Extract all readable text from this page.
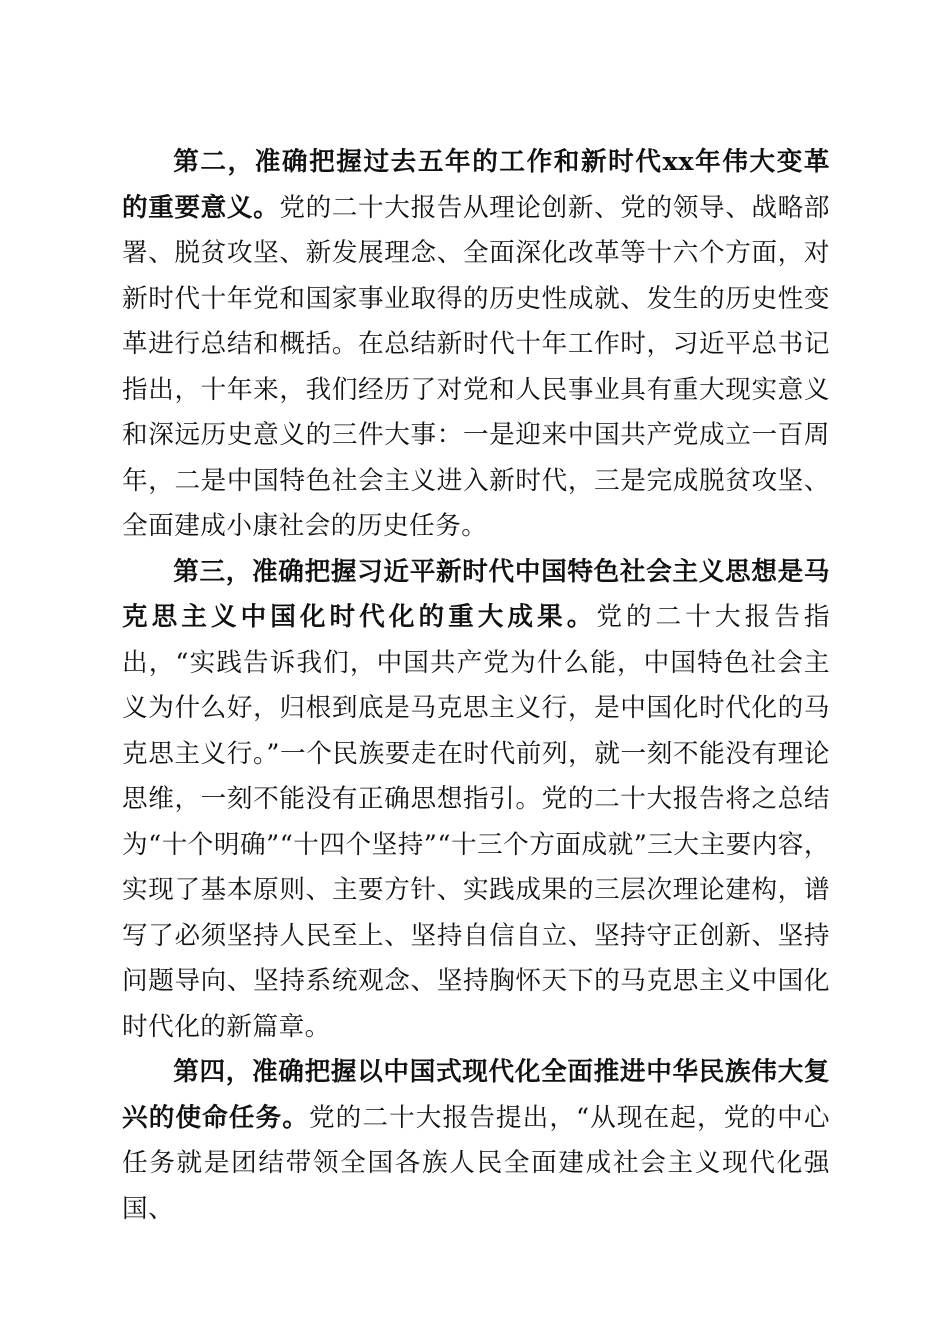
第二，准确把握过去五年的工作和新时代xx年伟大变革的重要意义。党的二十大报告从理论创新、党的领导、战略部署、脱贫攻坚、新发展理念、全面深化改革等十六个方面，对新时代十年党和国家事业取得的历史性成就、发生的历史性变革进行总结和概括。在总结新时代十年工作时，习近平总书记指出，十年来，我们经历了对党和人民事业具有重大现实意义和深远历史意义的三件大事：一是迎来中国共产党成立一百周年，二是中国特色社会主义进入新时代，三是完成脱贫攻坚、全面建成小康社会的历史任务。

第三，准确把握习近平新时代中国特色社会主义思想是马克思主义中国化时代化的重大成果。党的二十大报告指出，“实践告诉我们，中国共产党为什么能，中国特色社会主义为什么好，归根到底是马克思主义行，是中国化时代化的马克思主义行。”一个民族要走在时代前列，就一刻不能没有理论思维，一刻不能没有正确思想指引。党的二十大报告将之总结为“十个明确”“十四个坚持”“十三个方面成就”三大主要内容，实现了基本原则、主要方针、实践成果的三层次理论建构，谱写了必须坚持人民至上、坚持自信自立、坚持守正创新、坚持问题导向、坚持系统观念、坚持胸怀天下的马克思主义中国化时代化的新篇章。

第四，准确把握以中国式现代化全面推进中华民族伟大复兴的使命任务。党的二十大报告提出，“从现在起，党的中心任务就是团结带领全国各族人民全面建成社会主义现代化强国、
